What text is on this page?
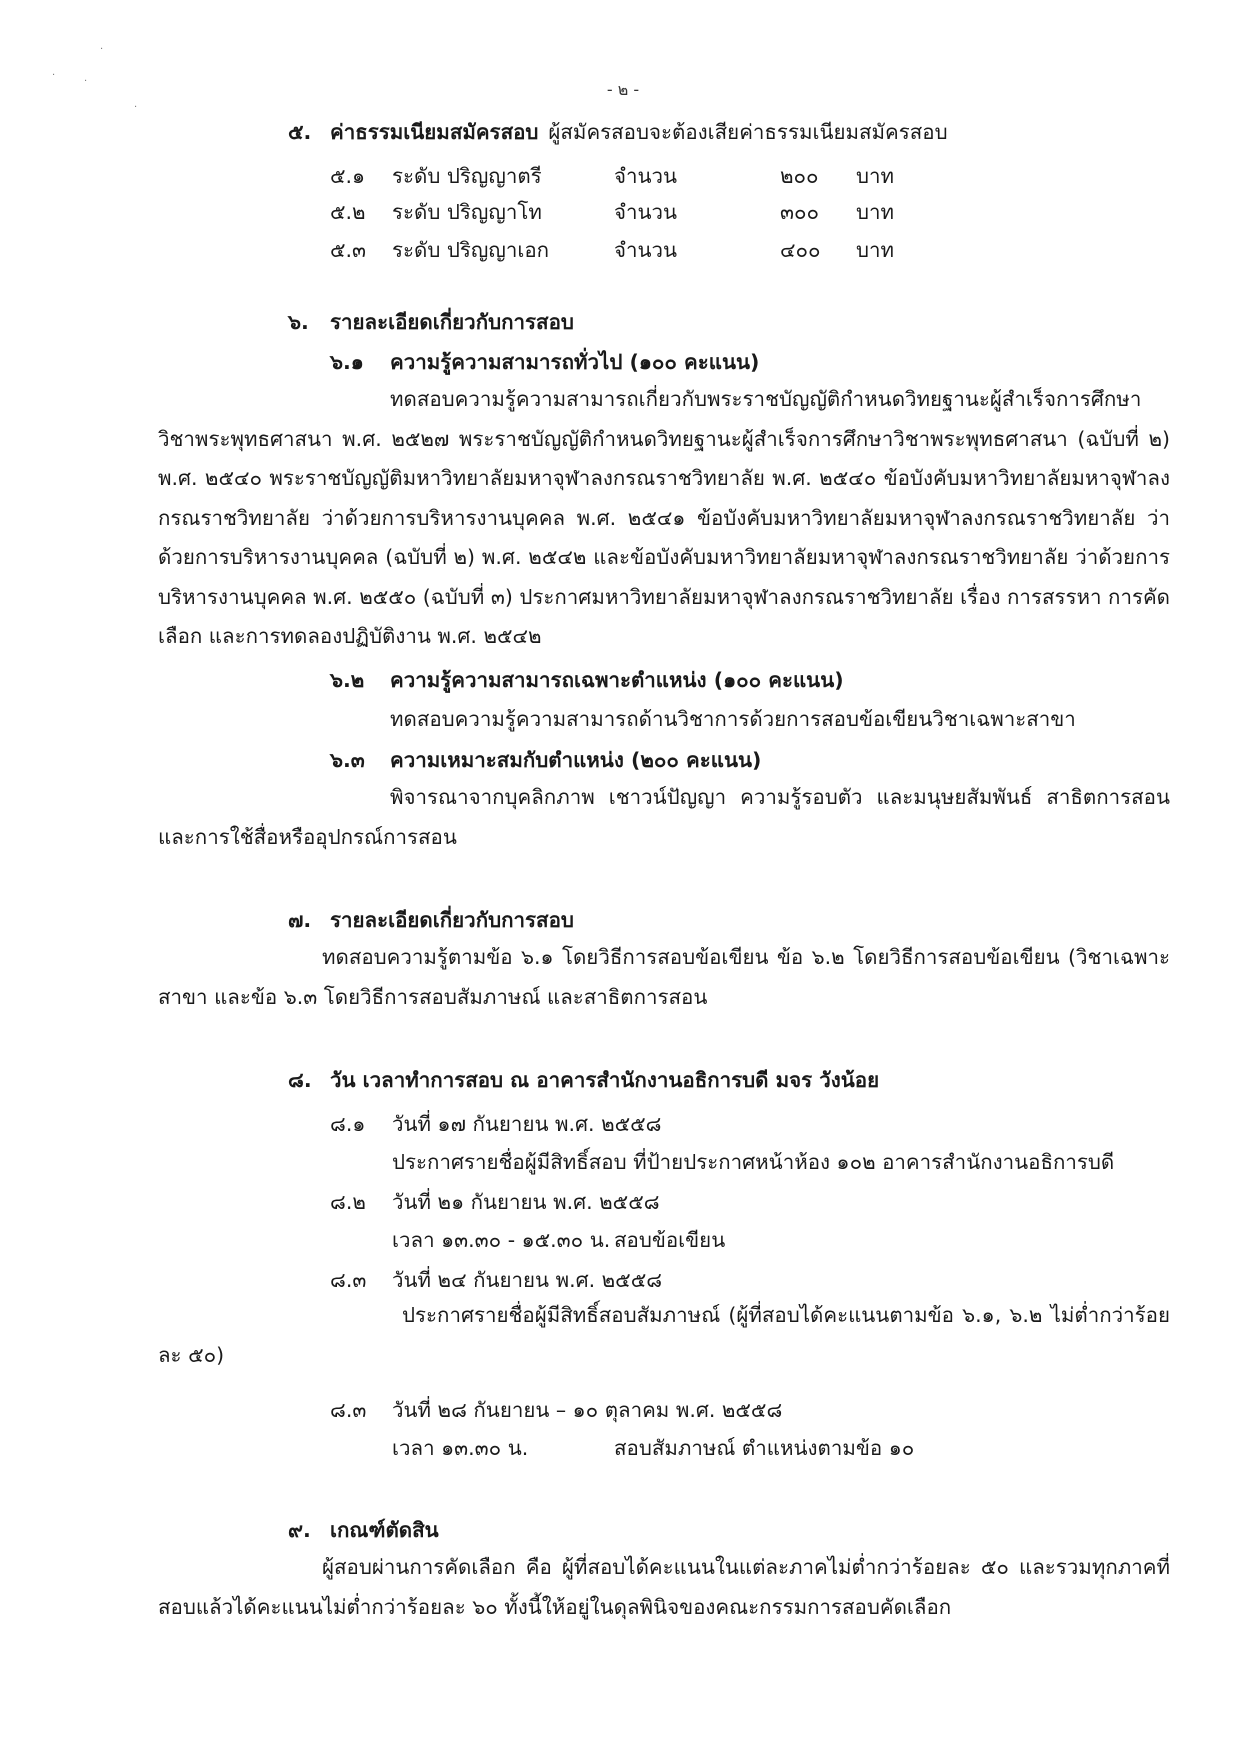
·
·
·
·
- ๒ -
๕. ค่าธรรมเนียมสมัครสอบ ผู้สมัครสอบจะต้องเสียค่าธรรมเนียมสมัครสอบ
๕.๑ ระดับ ปริญญาตรี	จำนวน	๒๐๐ บาท
๕.๒ ระดับ ปริญญาโท	จำนวน	๓๐๐ บาท
๕.๓ ระดับ ปริญญาเอก	จำนวน	๔๐๐ บาท
๖. รายละเอียดเกี่ยวกับการสอบ
๖.๑ ความรู้ความสามารถทั่วไป (๑๐๐ คะแนน)
ทดสอบความรู้ความสามารถเกี่ยวกับพระราชบัญญัติกำหนดวิทยฐานะผู้สำเร็จการศึกษาวิชาพระพุทธศาสนา พ.ศ. ๒๕๒๗ พระราชบัญญัติกำหนดวิทยฐานะผู้สำเร็จการศึกษาวิชาพระพุทธศาสนา (ฉบับที่ ๒) พ.ศ. ๒๕๔๐ พระราชบัญญัติมหาวิทยาลัยมหาจุฬาลงกรณราชวิทยาลัย พ.ศ. ๒๕๔๐ ข้อบังคับมหาวิทยาลัยมหาจุฬาลงกรณราชวิทยาลัย ว่าด้วยการบริหารงานบุคคล พ.ศ. ๒๕๔๑ ข้อบังคับมหาวิทยาลัยมหาจุฬาลงกรณราชวิทยาลัย ว่าด้วยการบริหารงานบุคคล (ฉบับที่ ๒) พ.ศ. ๒๕๔๒ และข้อบังคับมหาวิทยาลัยมหาจุฬาลงกรณราชวิทยาลัย ว่าด้วยการบริหารงานบุคคล พ.ศ. ๒๕๕๐ (ฉบับที่ ๓) ประกาศมหาวิทยาลัยมหาจุฬาลงกรณราชวิทยาลัย เรื่อง การสรรหา การคัดเลือก และการทดลองปฏิบัติงาน พ.ศ. ๒๕๔๒
๖.๒ ความรู้ความสามารถเฉพาะตำแหน่ง (๑๐๐ คะแนน)
ทดสอบความรู้ความสามารถด้านวิชาการด้วยการสอบข้อเขียนวิชาเฉพาะสาขา
๖.๓ ความเหมาะสมกับตำแหน่ง (๒๐๐ คะแนน)
พิจารณาจากบุคลิกภาพ เชาวน์ปัญญา ความรู้รอบตัว และมนุษยสัมพันธ์ สาธิตการสอนและการใช้สื่อหรืออุปกรณ์การสอน
๗. รายละเอียดเกี่ยวกับการสอบ
ทดสอบความรู้ตามข้อ ๖.๑ โดยวิธีการสอบข้อเขียน ข้อ ๖.๒ โดยวิธีการสอบข้อเขียน (วิชาเฉพาะสาขา และข้อ ๖.๓ โดยวิธีการสอบสัมภาษณ์ และสาธิตการสอน
๘. วัน เวลาทำการสอบ ณ อาคารสำนักงานอธิการบดี มจร วังน้อย
๘.๑ วันที่ ๑๗ กันยายน พ.ศ. ๒๕๕๘
ประกาศรายชื่อผู้มีสิทธิ์สอบ ที่ป้ายประกาศหน้าห้อง ๑๐๒ อาคารสำนักงานอธิการบดี
๘.๒ วันที่ ๒๑ กันยายน พ.ศ. ๒๕๕๘
เวลา ๑๓.๓๐ - ๑๕.๓๐ น. สอบข้อเขียน
๘.๓ วันที่ ๒๔ กันยายน พ.ศ. ๒๕๕๘
ประกาศรายชื่อผู้มีสิทธิ์สอบสัมภาษณ์ (ผู้ที่สอบได้คะแนนตามข้อ ๖.๑, ๖.๒ ไม่ต่ำกว่าร้อยละ ๕๐)
๘.๓ วันที่ ๒๘ กันยายน – ๑๐ ตุลาคม พ.ศ. ๒๕๕๘
เวลา ๑๓.๓๐ น.	สอบสัมภาษณ์ ตำแหน่งตามข้อ ๑๐
๙. เกณฑ์ตัดสิน
ผู้สอบผ่านการคัดเลือก คือ ผู้ที่สอบได้คะแนนในแต่ละภาคไม่ต่ำกว่าร้อยละ ๕๐ และรวมทุกภาคที่สอบแล้วได้คะแนนไม่ต่ำกว่าร้อยละ ๖๐ ทั้งนี้ให้อยู่ในดุลพินิจของคณะกรรมการสอบคัดเลือก
